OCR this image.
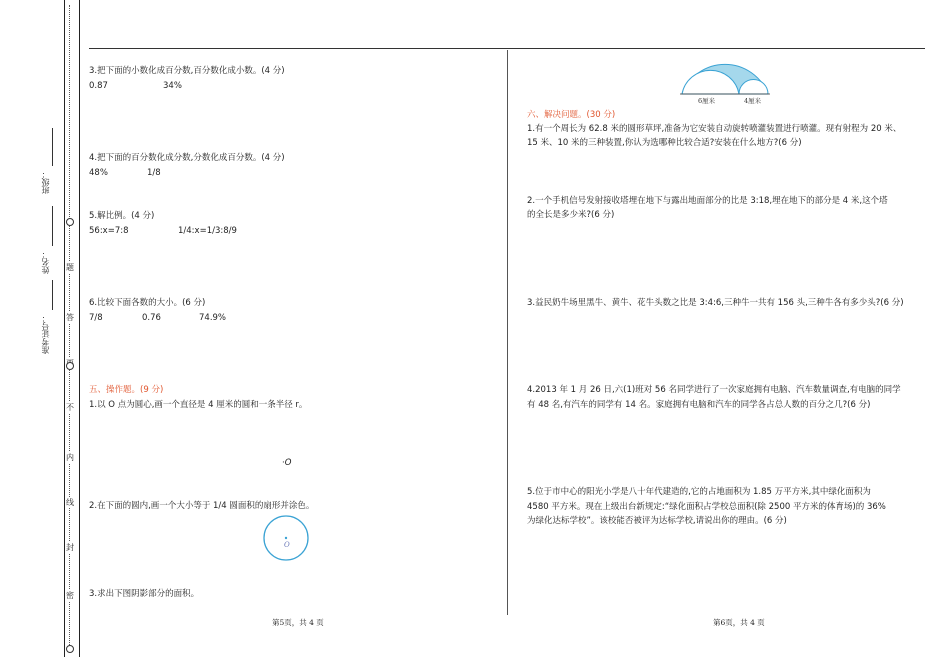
班级：
姓名：
准考证号：
题
答
不
内
线
封
密
3.把下面的小数化成百分数,百分数化成小数。(4 分)
0.87	34%
4.把下面的百分数化成分数,分数化成百分数。(4 分)
48%	1/8
5.解比例。(4 分)
56:x=7:8	1/4:x=1/3:8/9
6.比较下面各数的大小。(6 分)
7/8	0.76	74.9%
五、操作题。(9 分)
1.以 O 点为圆心,画一个直径是 4 厘米的圆和一条半径 r。
·O
2.在下面的圆内,画一个大小等于 1/4 圆面积的扇形并涂色。
O
3.求出下图阴影部分的面积。
第5页，共 4 页
6厘米	4厘米
六、解决问题。(30 分)
1.有一个周长为 62.8 米的圆形草坪,准备为它安装自动旋转喷灌装置进行喷灌。现有射程为 20 米、
15 米、10 米的三种装置,你认为选哪种比较合适?安装在什么地方?(6 分)
2.一个手机信号发射接收塔埋在地下与露出地面部分的比是 3:18,埋在地下的部分是 4 米,这个塔
的全长是多少米?(6 分)
3.益民奶牛场里黑牛、黄牛、花牛头数之比是 3:4:6,三种牛一共有 156 头,三种牛各有多少头?(6 分)
4.2013 年 1 月 26 日,六(1)班对 56 名同学进行了一次家庭拥有电脑、汽车数量调查,有电脑的同学
有 48 名,有汽车的同学有 14 名。家庭拥有电脑和汽车的同学各占总人数的百分之几?(6 分)
5.位于市中心的阳光小学是八十年代建造的,它的占地面积为 1.85 万平方米,其中绿化面积为
4580 平方米。现在上级出台新规定:“绿化面积占学校总面积(除 2500 平方米的体育场)的 36%
为绿化达标学校”。该校能否被评为达标学校,请说出你的理由。(6 分)
第6页，共 4 页
